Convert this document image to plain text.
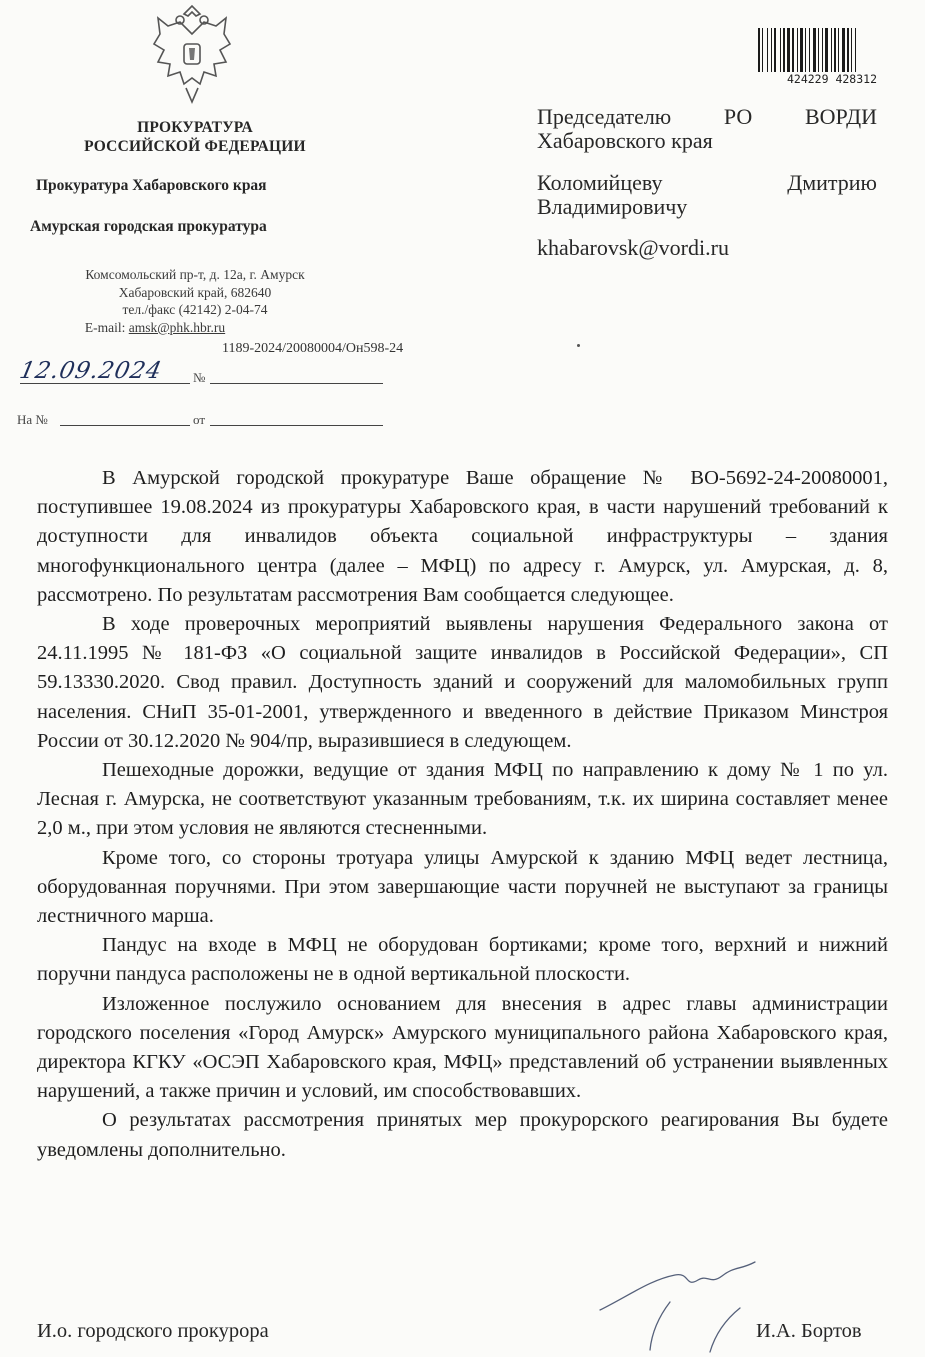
ПРОКУРАТУРА
РОССИЙСКОЙ ФЕДЕРАЦИИ
Прокуратура Хабаровского края
Амурская городская прокуратура
Комсомольский пр-т, д. 12а, г. Амурск
Хабаровский край, 682640
тел./факс (42142) 2-04-74
E-mail: amsk@phk.hbr.ru
1189-2024/20080004/Он598-24
12.09.2024 №
На №	от
424229 428312
Председателю РО ВОРДИ
Хабаровского края
Коломийцеву	Дмитрию
Владимировичу
khabarovsk@vordi.ru

В Амурской городской прокуратуре Ваше обращение № ВО-5692-24-20080001, поступившее 19.08.2024 из прокуратуры Хабаровского края, в части нарушений требований к доступности для инвалидов объекта социальной инфраструктуры – здания многофункционального центра (далее – МФЦ) по адресу г. Амурск, ул. Амурская, д. 8, рассмотрено. По результатам рассмотрения Вам сообщается следующее.

В ходе проверочных мероприятий выявлены нарушения Федерального закона от 24.11.1995 № 181-ФЗ «О социальной защите инвалидов в Российской Федерации», СП 59.13330.2020. Свод правил. Доступность зданий и сооружений для маломобильных групп населения. СНиП 35-01-2001, утвержденного и введенного в действие Приказом Минстроя России от 30.12.2020 № 904/пр, выразившиеся в следующем.

Пешеходные дорожки, ведущие от здания МФЦ по направлению к дому № 1 по ул. Лесная г. Амурска, не соответствуют указанным требованиям, т.к. их ширина составляет менее 2,0 м., при этом условия не являются стесненными.

Кроме того, со стороны тротуара улицы Амурской к зданию МФЦ ведет лестница, оборудованная поручнями. При этом завершающие части поручней не выступают за границы лестничного марша.

Пандус на входе в МФЦ не оборудован бортиками; кроме того, верхний и нижний поручни пандуса расположены не в одной вертикальной плоскости.

Изложенное послужило основанием для внесения в адрес главы администрации городского поселения «Город Амурск» Амурского муниципального района Хабаровского края, директора КГКУ «ОСЭП Хабаровского края, МФЦ» представлений об устранении выявленных нарушений, а также причин и условий, им способствовавших.

О результатах рассмотрения принятых мер прокурорского реагирования Вы будете уведомлены дополнительно.

И.о. городского прокурора	И.А. Бортов
